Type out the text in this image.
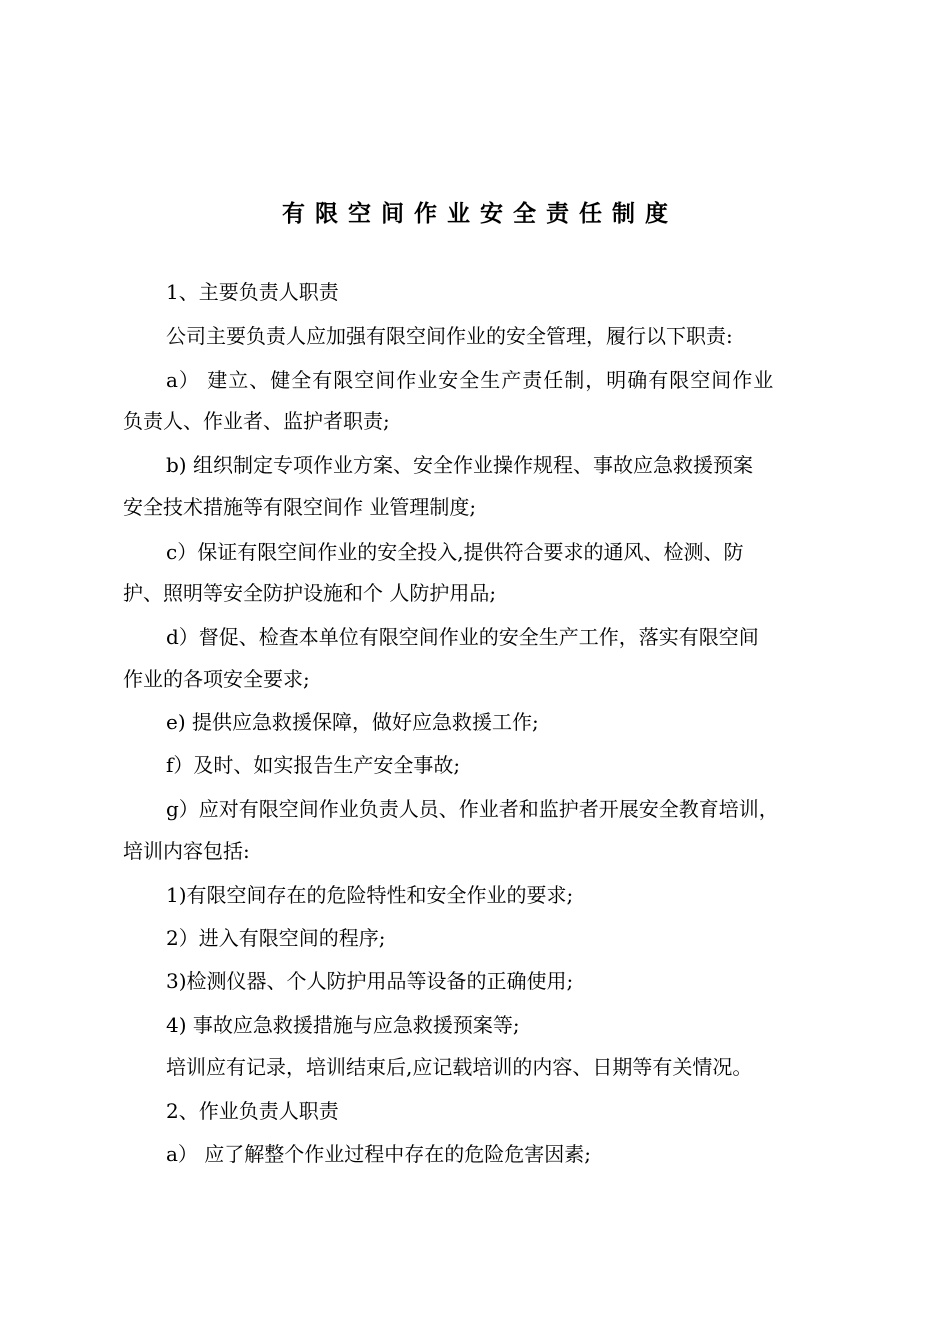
有限空间作业安全责任制度
1、主要负责人职责
公司主要负责人应加强有限空间作业的安全管理，履行以下职责:
a） 建立、健全有限空间作业安全生产责任制，明确有限空间作业
负责人、作业者、监护者职责;
b) 组织制定专项作业方案、安全作业操作规程、事故应急救援预案
安全技术措施等有限空间作 业管理制度;
c）保证有限空间作业的安全投入,提供符合要求的通风、检测、防
护、照明等安全防护设施和个 人防护用品;
d）督促、检查本单位有限空间作业的安全生产工作，落实有限空间
作业的各项安全要求;
e) 提供应急救援保障，做好应急救援工作;
f）及时、如实报告生产安全事故;
g）应对有限空间作业负责人员、作业者和监护者开展安全教育培训，
培训内容包括:
1)有限空间存在的危险特性和安全作业的要求;
2）进入有限空间的程序;
3)检测仪器、个人防护用品等设备的正确使用;
4) 事故应急救援措施与应急救援预案等;
培训应有记录，培训结束后,应记载培训的内容、日期等有关情况。
2、作业负责人职责
a） 应了解整个作业过程中存在的危险危害因素;
